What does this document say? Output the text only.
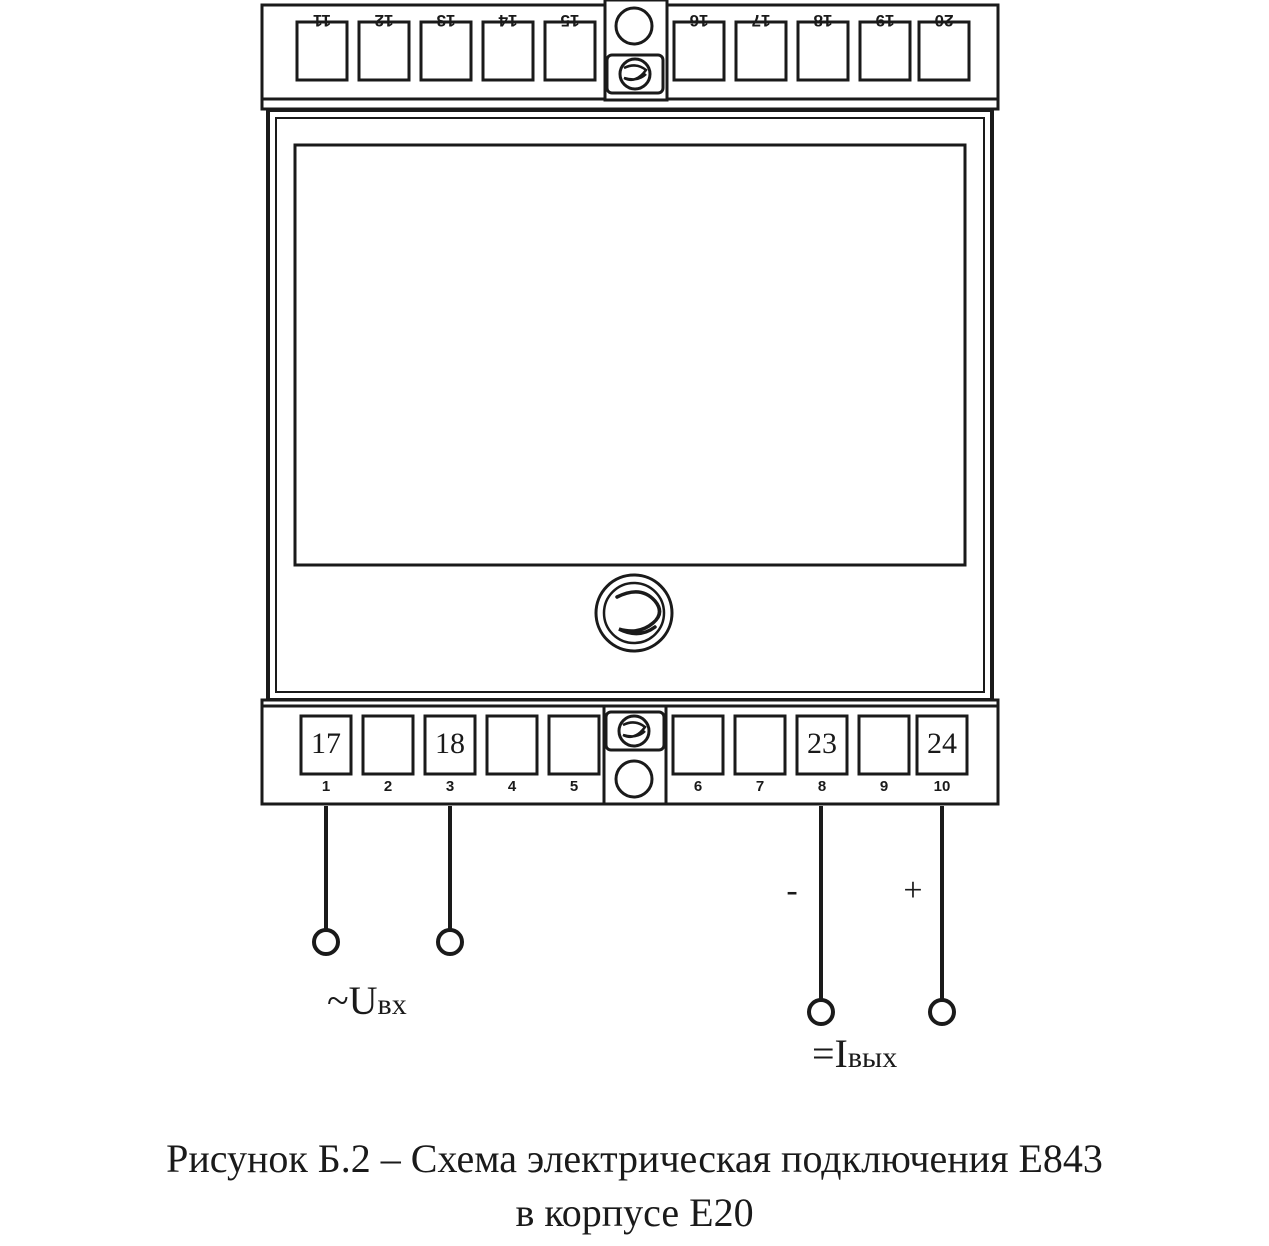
11	12	13	14	15	16	17	18	19 20
1	2	3	4	5	6	7	8	9	10
17	18	23	24
-	+
~Uвх
=Iвых
Рисунок Б.2 – Схема электрическая подключения Е843
в корпусе Е20
